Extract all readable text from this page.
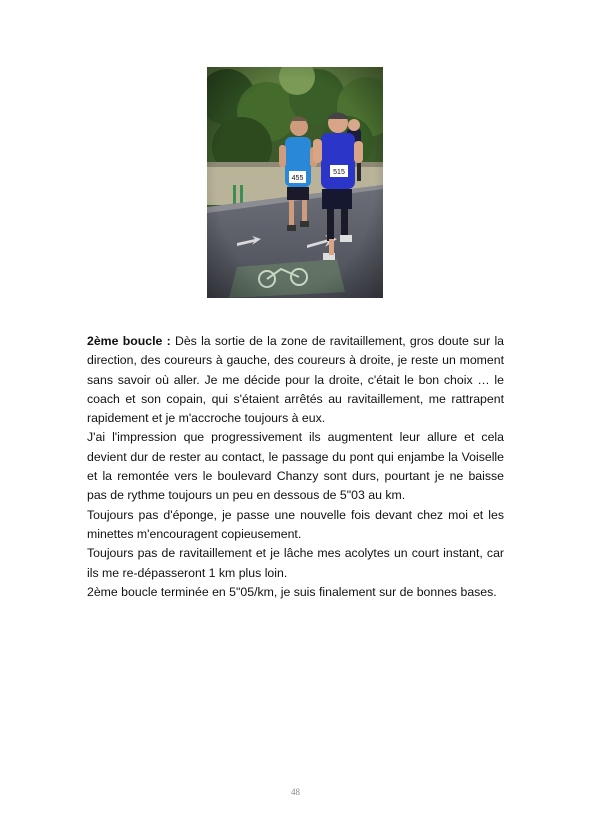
2ème boucle : Dès la sortie de la zone de ravitaillement, gros doute sur la direction, des coureurs à gauche, des coureurs à droite, je reste un moment sans savoir où aller. Je me décide pour la droite, c'était le bon choix … le coach et son copain, qui s'étaient arrêtés au ravitaillement, me rattrapent rapidement et je m'accroche toujours à eux.

J'ai l'impression que progressivement ils augmentent leur allure et cela devient dur de rester au contact, le passage du pont qui enjambe la Voiselle et la remontée vers le boulevard Chanzy sont durs, pourtant je ne baisse pas de rythme toujours un peu en dessous de 5"03 au km.

Toujours pas d'éponge, je passe une nouvelle fois devant chez moi et les minettes m'encouragent copieusement.

Toujours pas de ravitaillement et je lâche mes acolytes un court instant, car ils me re-dépasseront 1 km plus loin.

2ème boucle terminée en 5"05/km, je suis finalement sur de bonnes bases.

48
